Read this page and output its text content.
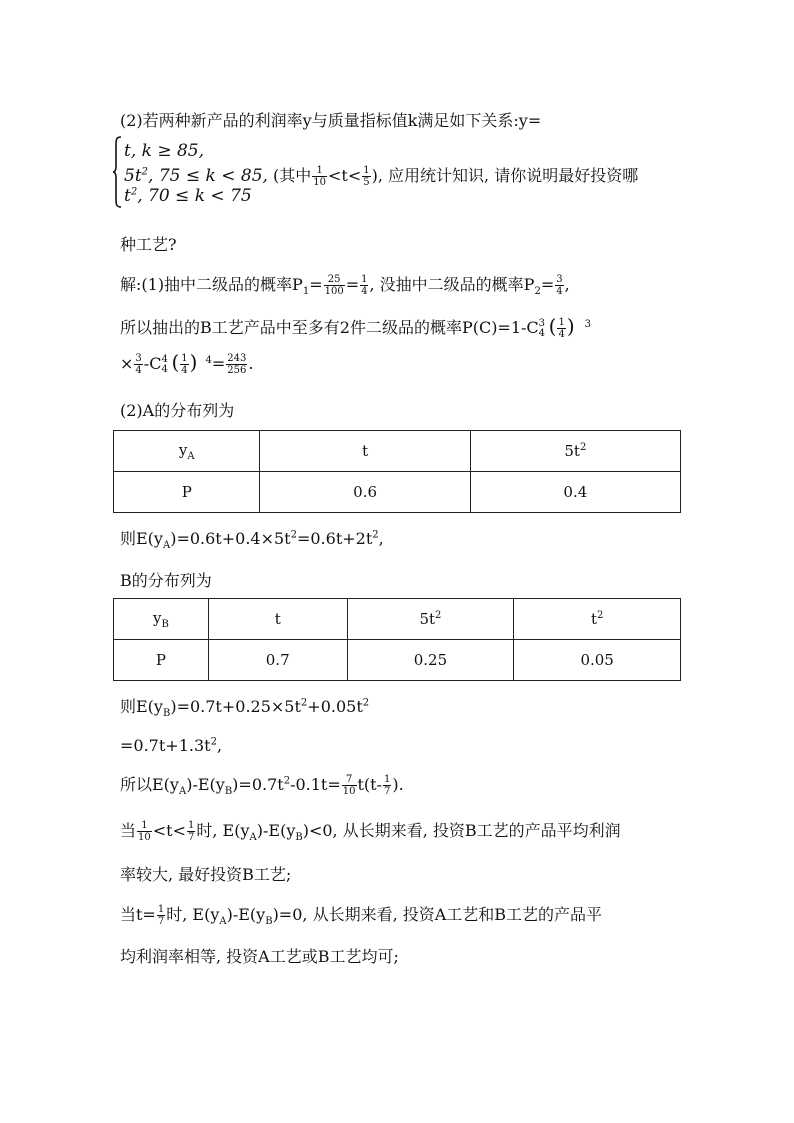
(2)若两种新产品的利润率y与质量指标值k满足如下关系:y=
t, k ≥ 85,
$5t^2$, 75 ≤ k < 85, (其中 $\frac{1}{10} <t< \frac{1}{5}$ ), 应用统计知识, 请你说明最好投资哪
$t^2$, 70 ≤ k < 75
种工艺?
解:(1)抽中二级品的概率$P_1= \frac{25}{100} = \frac{1}{4}$ , 没抽中二级品的概率$P_2= \frac{3}{4}$ ,
所以抽出的B工艺产品中至多有2件二级品的概率P(C)=1-C 3
4 ( $\frac{1}{4}$ ) $^3$
× $\frac{3}{4} -C$ 4
4 ( $\frac{1}{4}$ ) $^4= \frac{243}{256}$ .
(2)A的分布列为
$y_A$	t	$5t^2$
P	0.6	0.4
则$E(y_A)=0.6t+0.4\times 5t^2=0.6t+2t^2$,
B的分布列为
$y_B$	t	$5t^2$	$t^2$
P	0.7	0.25	0.05
则$E(y_B)=0.7t+0.25\times 5t^2+0.05t^2$
$=0.7t+1.3t^2$,
所以$E(y_A)-E(y_B)=0.7t^2-0.1t= \frac{7}{10} t(t- \frac{1}{7}$ ).
当 $\frac{1}{10} <t< \frac{1}{7}$ 时, $E(y_A)-E(y_B)<0$, 从长期来看, 投资B工艺的产品平均利润
率较大, 最好投资B工艺;
当$t= \frac{1}{7}$ 时, $E(y_A)-E(y_B)=0$, 从长期来看, 投资A工艺和B工艺的产品平
均利润率相等, 投资A工艺或B工艺均可;
